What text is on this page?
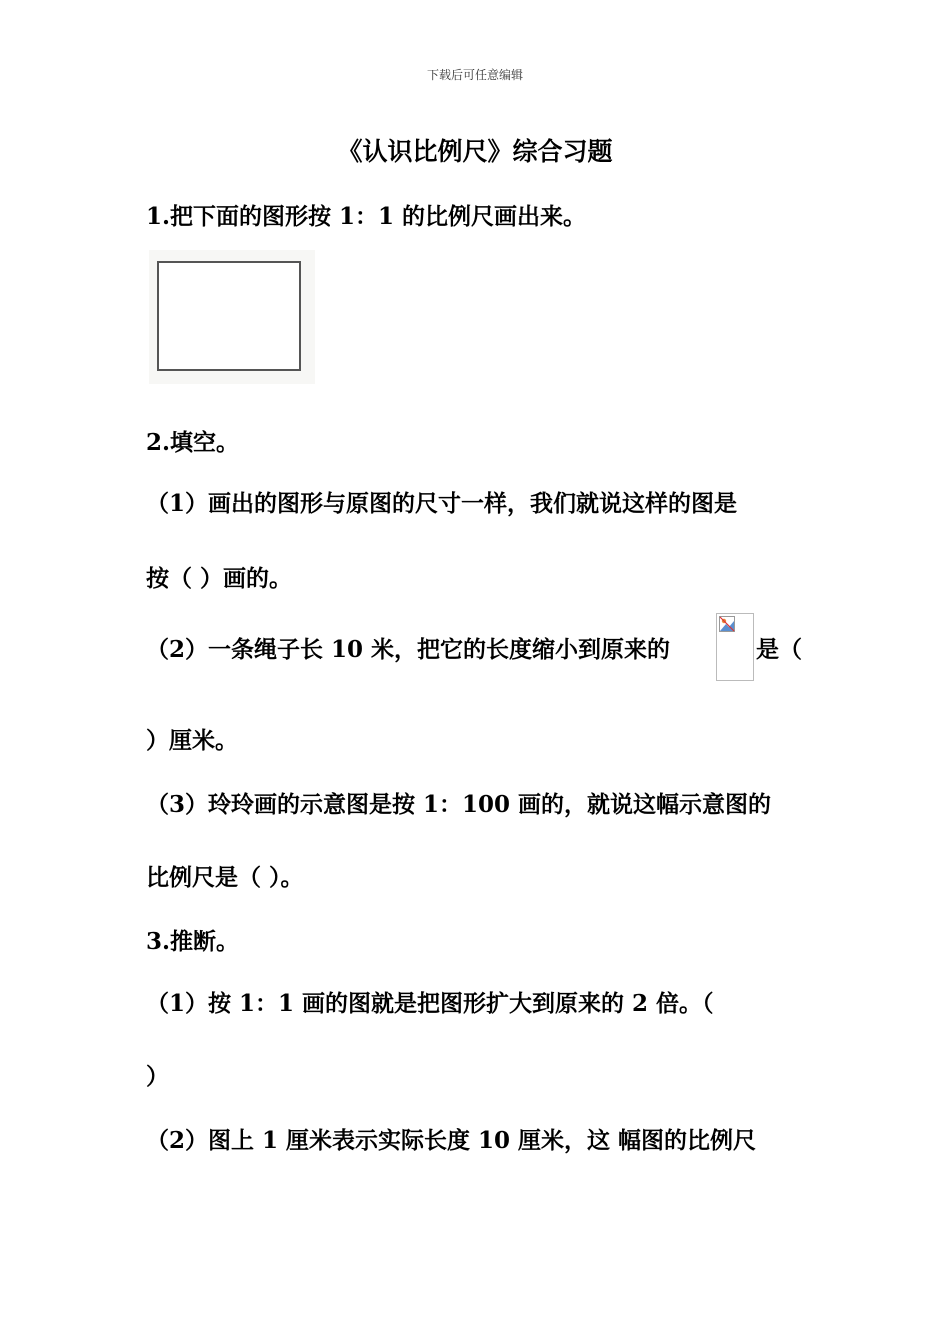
下载后可任意编辑
《认识比例尺》综合习题
1.把下面的图形按 1：1 的比例尺画出来。
2.填空。
（1）画出的图形与原图的尺寸一样，我们就说这样的图是
按（ ）画的。
（2）一条绳子长 10 米，把它的长度缩小到原来的	是（
）厘米。
（3）玲玲画的示意图是按 1：100 画的，就说这幅示意图的
比例尺是（ ）。
3.推断。
（1）按 1：1 画的图就是把图形扩大到原来的 2 倍。（
）
（2）图上 1 厘米表示实际长度 10 厘米，这 幅图的比例尺
